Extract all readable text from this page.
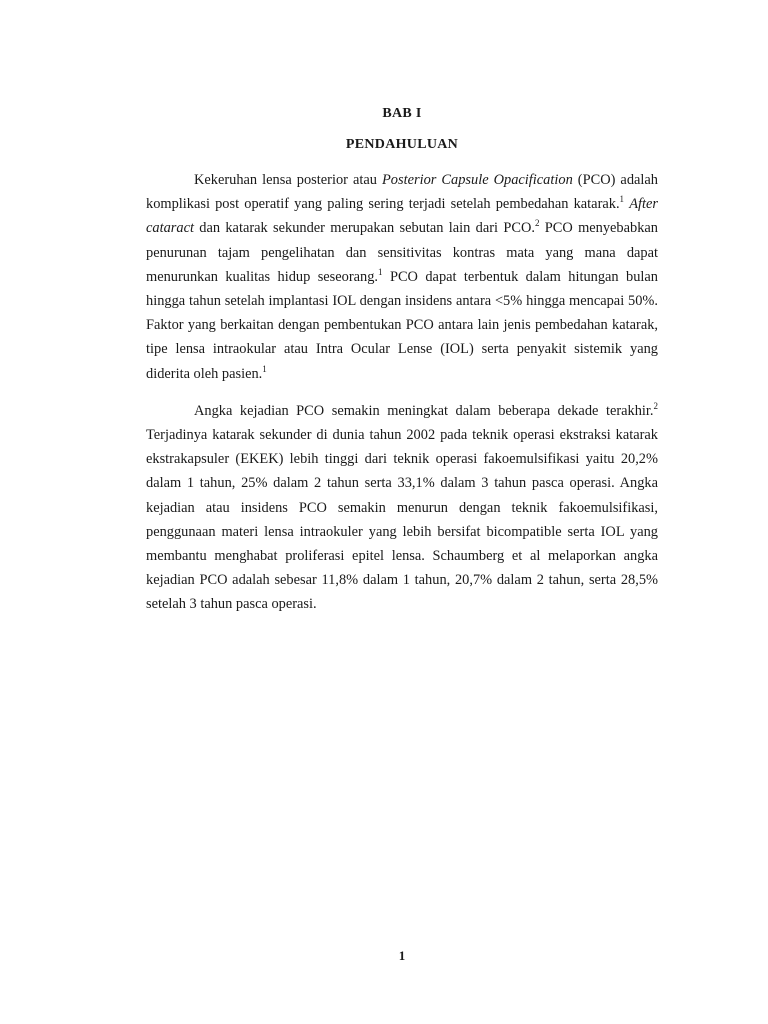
BAB I
PENDAHULUAN

Kekeruhan lensa posterior atau Posterior Capsule Opacification (PCO) adalah komplikasi post operatif yang paling sering terjadi setelah pembedahan katarak.$^1$ After cataract dan katarak sekunder merupakan sebutan lain dari PCO.$^2$ PCO menyebabkan penurunan tajam pengelihatan dan sensitivitas kontras mata yang mana dapat menurunkan kualitas hidup seseorang.$^1$ PCO dapat terbentuk dalam hitungan bulan hingga tahun setelah implantasi IOL dengan insidens antara <5% hingga mencapai 50%. Faktor yang berkaitan dengan pembentukan PCO antara lain jenis pembedahan katarak, tipe lensa intraokular atau Intra Ocular Lense (IOL) serta penyakit sistemik yang diderita oleh pasien.$^1$

Angka kejadian PCO semakin meningkat dalam beberapa dekade terakhir.$^2$ Terjadinya katarak sekunder di dunia tahun 2002 pada teknik operasi ekstraksi katarak ekstrakapsuler (EKEK) lebih tinggi dari teknik operasi fakoemulsifikasi yaitu 20,2% dalam 1 tahun, 25% dalam 2 tahun serta 33,1% dalam 3 tahun pasca operasi. Angka kejadian atau insidens PCO semakin menurun dengan teknik fakoemulsifikasi, penggunaan materi lensa intraokuler yang lebih bersifat bicompatible serta IOL yang membantu menghabat proliferasi epitel lensa. Schaumberg et al melaporkan angka kejadian PCO adalah sebesar 11,8% dalam 1 tahun, 20,7% dalam 2 tahun, serta 28,5% setelah 3 tahun pasca operasi.

1
